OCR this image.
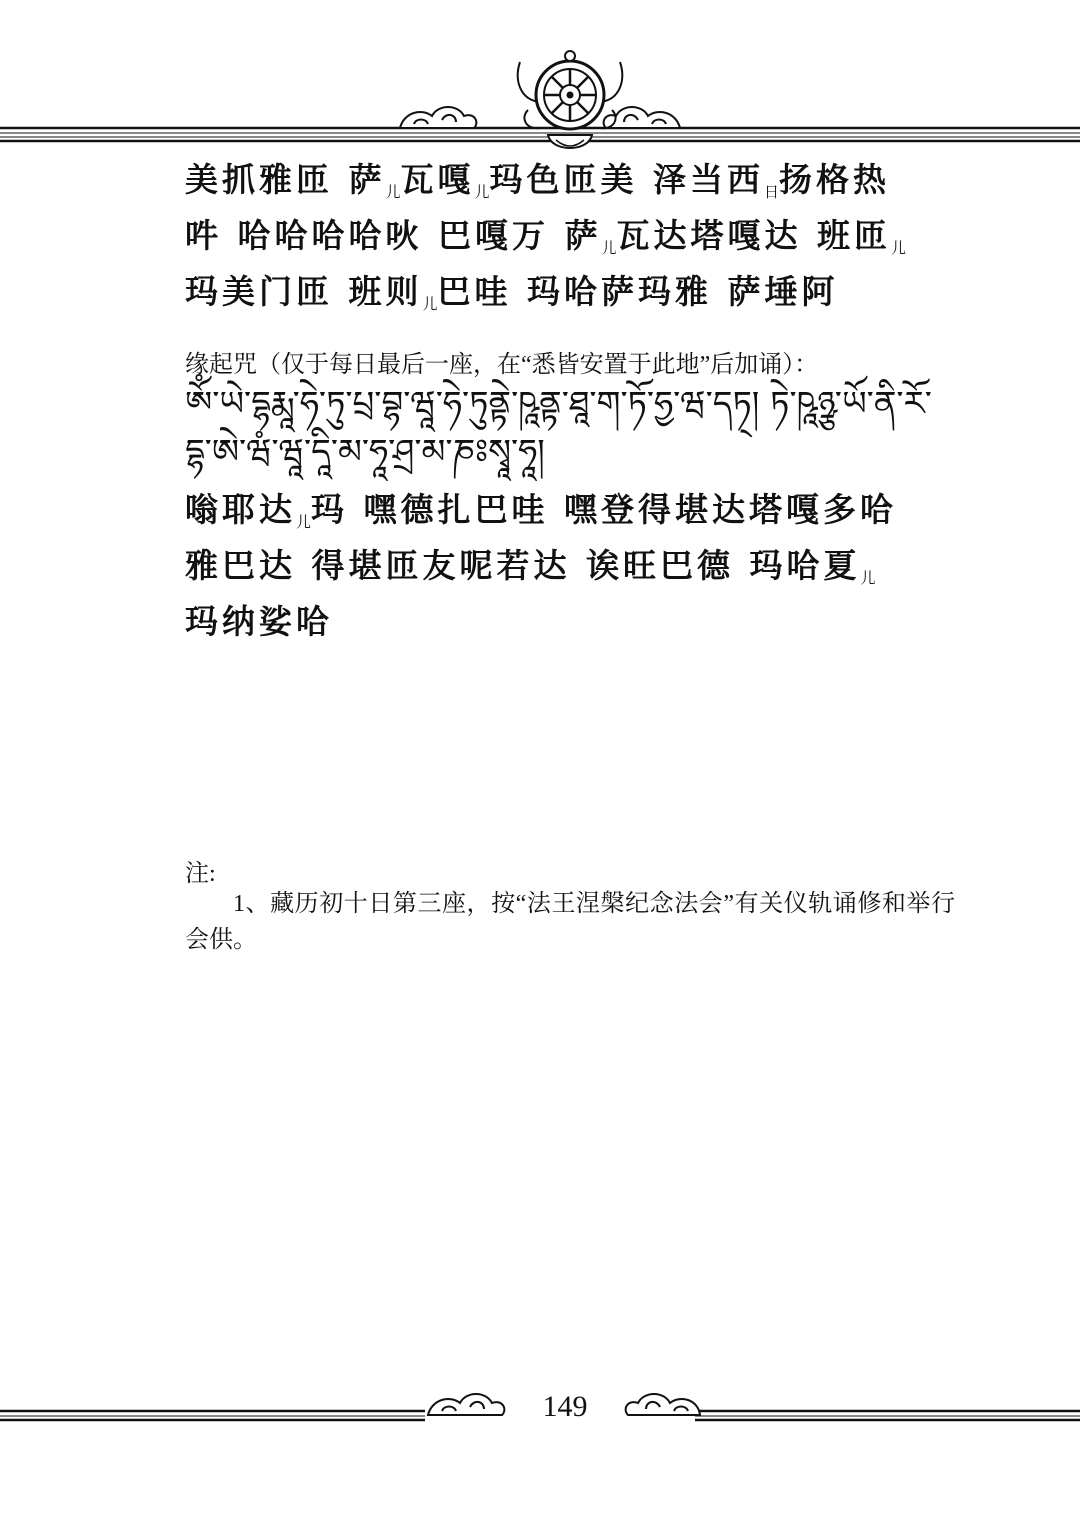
美抓雅匝 萨$_儿$瓦嘎$_儿$玛色匝美 泽当西$_日$扬格热

吽 哈哈哈哈吙 巴嘎万 萨$_儿$瓦达塔嘎达 班匝$_儿$

玛美门匝 班则$_儿$巴哇 玛哈萨玛雅 萨埵阿

缘起咒（仅于每日最后一座，在“悉皆安置于此地”后加诵）：
ཨོཾ་ཡེ་དྷརྨཱ་ཧེ་ཏུ་པྲ་བྷ་ཝཱ་ཧེ་ཏུནྟེ་ཥཱནྟ་ཐཱ་ག་ཏོ་ཧྱ་ཝ་དཏ྄། ཏེ་ཥཱཉྩ་ཡོ་ནི་རོ་དྷ་ཨེ་ཝཾ་ཝཱ་དཱི་མ་ཧཱ་ཤྲ་མ་ཎཿསྭཱ་ཧཱ།

嗡耶达$_儿$玛 嘿德扎巴哇 嘿登得堪达塔嘎多哈

雅巴达 得堪匝友呢若达 诶旺巴德 玛哈夏$_儿$

玛纳娑哈

注:
1、藏历初十日第三座，按“法王涅槃纪念法会”有关仪轨诵修和举行会供。
149
